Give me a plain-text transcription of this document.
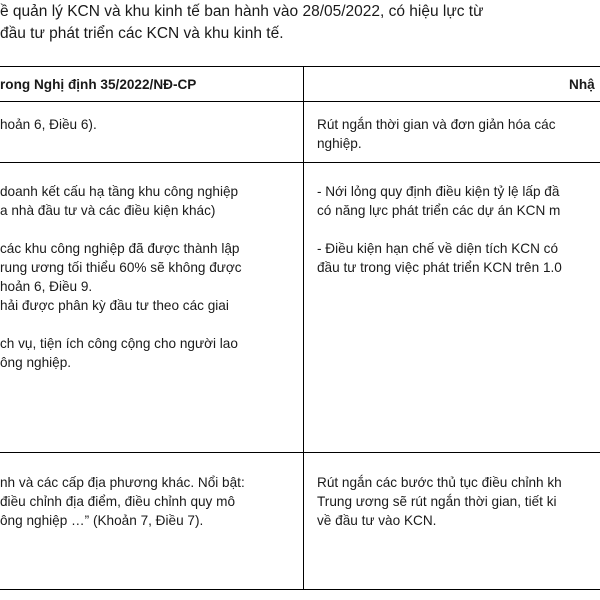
ề quản lý KCN và khu kinh tế ban hành vào 28/05/2022, có hiệu lực từ
đầu tư phát triển các KCN và khu kinh tế.
rong Nghị định 35/2022/NĐ-CP	Nhậ
hoản 6, Điều 6).	Rút ngắn thời gian và đơn giản hóa các
nghiệp.
doanh kết cấu hạ tầng khu công nghiệp
a nhà đầu tư và các điều kiện khác)

các khu công nghiệp đã được thành lập
rung ương tối thiểu 60% sẽ không được
hoản 6, Điều 9.
hải được phân kỳ đầu tư theo các giai

ch vụ, tiện ích công cộng cho người lao
ông nghiệp.
- Nới lỏng quy định điều kiện tỷ lệ lấp đầ
có năng lực phát triển các dự án KCN m

- Điều kiện hạn chế về diện tích KCN có
đầu tư trong việc phát triển KCN trên 1.0
nh và các cấp địa phương khác. Nổi bật:
điều chỉnh địa điểm, điều chỉnh quy mô
ông nghiệp …” (Khoản 7, Điều 7).
Rút ngắn các bước thủ tục điều chỉnh kh
Trung ương sẽ rút ngắn thời gian, tiết ki
về đầu tư vào KCN.
